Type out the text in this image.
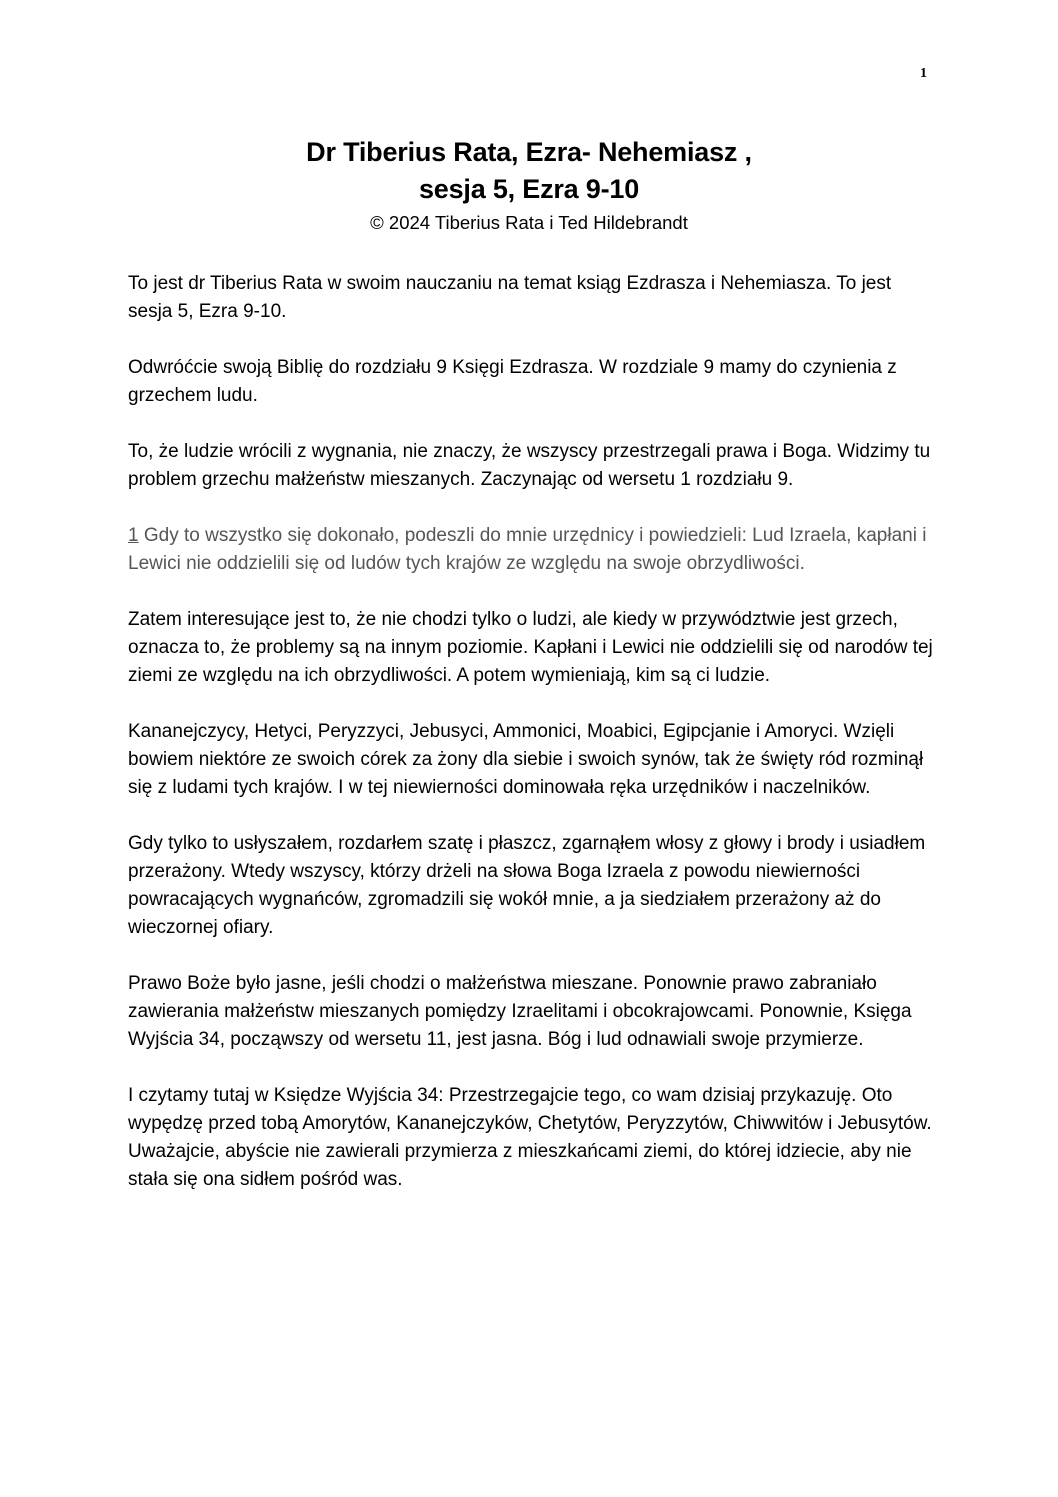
1
Dr Tiberius Rata, Ezra- Nehemiasz ,
sesja 5, Ezra 9-10
© 2024 Tiberius Rata i Ted Hildebrandt

To jest dr Tiberius Rata w swoim nauczaniu na temat ksiąg Ezdrasza i Nehemiasza. To jest sesja 5, Ezra 9-10.

Odwróćcie swoją Biblię do rozdziału 9 Księgi Ezdrasza. W rozdziale 9 mamy do czynienia z grzechem ludu.

To, że ludzie wrócili z wygnania, nie znaczy, że wszyscy przestrzegali prawa i Boga. Widzimy tu problem grzechu małżeństw mieszanych. Zaczynając od wersetu 1 rozdziału 9.

1 Gdy to wszystko się dokonało, podeszli do mnie urzędnicy i powiedzieli: Lud Izraela, kapłani i Lewici nie oddzielili się od ludów tych krajów ze względu na swoje obrzydliwości.

Zatem interesujące jest to, że nie chodzi tylko o ludzi, ale kiedy w przywództwie jest grzech, oznacza to, że problemy są na innym poziomie. Kapłani i Lewici nie oddzielili się od narodów tej ziemi ze względu na ich obrzydliwości. A potem wymieniają, kim są ci ludzie.

Kananejczycy, Hetyci, Peryzzyci, Jebusyci, Ammonici, Moabici, Egipcjanie i Amoryci. Wzięli bowiem niektóre ze swoich córek za żony dla siebie i swoich synów, tak że święty ród rozminął się z ludami tych krajów. I w tej niewierności dominowała ręka urzędników i naczelników.

Gdy tylko to usłyszałem, rozdarłem szatę i płaszcz, zgarnąłem włosy z głowy i brody i usiadłem przerażony. Wtedy wszyscy, którzy drżeli na słowa Boga Izraela z powodu niewierności powracających wygnańców, zgromadzili się wokół mnie, a ja siedziałem przerażony aż do wieczornej ofiary.

Prawo Boże było jasne, jeśli chodzi o małżeństwa mieszane. Ponownie prawo zabraniało zawierania małżeństw mieszanych pomiędzy Izraelitami i obcokrajowcami. Ponownie, Księga Wyjścia 34, począwszy od wersetu 11, jest jasna. Bóg i lud odnawiali swoje przymierze.

I czytamy tutaj w Księdze Wyjścia 34: Przestrzegajcie tego, co wam dzisiaj przykazuję. Oto wypędzę przed tobą Amorytów, Kananejczyków, Chetytów, Peryzzytów, Chiwwitów i Jebusytów. Uważajcie, abyście nie zawierali przymierza z mieszkańcami ziemi, do której idziecie, aby nie stała się ona sidłem pośród was.
